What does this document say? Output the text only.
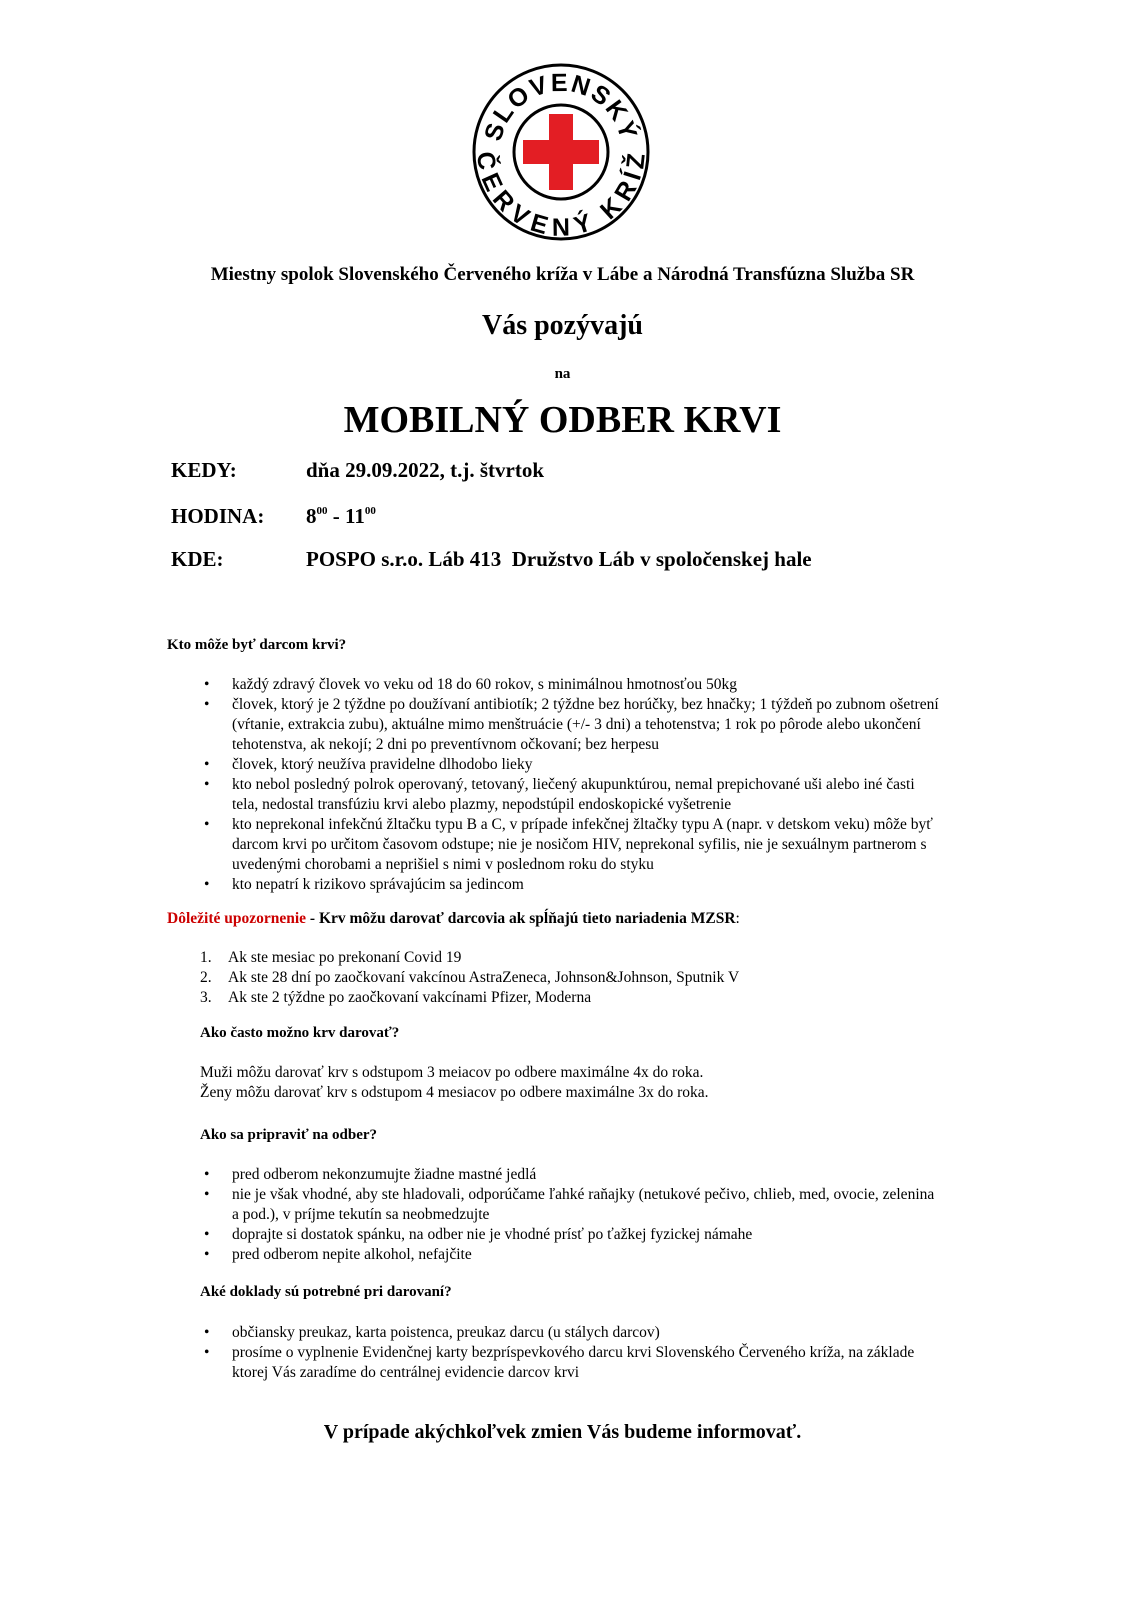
SLOVENSKÝ
ČERVENÝ KRÍŽ
Miestny spolok Slovenského Červeného kríža v Lábe a Národná Transfúzna Služba SR
Vás pozývajú
na
MOBILNÝ ODBER KRVI
KEDY:	dňa 29.09.2022, t.j. štvrtok
HODINA: $8^{00} - 11^{00}$
KDE:	POSPO s.r.o. Láb 413  Družstvo Láb v spoločenskej hale
Kto môže byť darcom krvi?
• každý zdravý človek vo veku od 18 do 60 rokov, s minimálnou hmotnosťou 50kg
• človek, ktorý je 2 týždne po doužívaní antibiotík; 2 týždne bez horúčky, bez hnačky; 1 týždeň po zubnom ošetrení (vŕtanie, extrakcia zubu), aktuálne mimo menštruácie (+/- 3 dni) a tehotenstva; 1 rok po pôrode alebo ukončení tehotenstva, ak nekojí; 2 dni po preventívnom očkovaní; bez herpesu
• človek, ktorý neužíva pravidelne dlhodobo lieky
• kto nebol posledný polrok operovaný, tetovaný, liečený akupunktúrou, nemal prepichované uši alebo iné časti tela, nedostal transfúziu krvi alebo plazmy, nepodstúpil endoskopické vyšetrenie
• kto neprekonal infekčnú žltačku typu B a C, v prípade infekčnej žltačky typu A (napr. v detskom veku) môže byť darcom krvi po určitom časovom odstupe; nie je nosičom HIV, neprekonal syfilis, nie je sexuálnym partnerom s uvedenými chorobami a neprišiel s nimi v poslednom roku do styku
• kto nepatrí k rizikovo správajúcim sa jedincom
Dôležité upozornenie - Krv môžu darovať darcovia ak spĺňajú tieto nariadenia MZSR:
1. Ak ste mesiac po prekonaní Covid 19
2. Ak ste 28 dní po zaočkovaní vakcínou AstraZeneca, Johnson&Johnson, Sputnik V
3. Ak ste 2 týždne po zaočkovaní vakcínami Pfizer, Moderna
Ako často možno krv darovať?
Muži môžu darovať krv s odstupom 3 meiacov po odbere maximálne 4x do roka.
Ženy môžu darovať krv s odstupom 4 mesiacov po odbere maximálne 3x do roka.
Ako sa pripraviť na odber?
• pred odberom nekonzumujte žiadne mastné jedlá
• nie je však vhodné, aby ste hladovali, odporúčame ľahké raňajky (netukové pečivo, chlieb, med, ovocie, zelenina a pod.), v príjme tekutín sa neobmedzujte
• doprajte si dostatok spánku, na odber nie je vhodné prísť po ťažkej fyzickej námahe
• pred odberom nepite alkohol, nefajčite
Aké doklady sú potrebné pri darovaní?
• občiansky preukaz, karta poistenca, preukaz darcu (u stálych darcov)
• prosíme o vyplnenie Evidenčnej karty bezpríspevkového darcu krvi Slovenského Červeného kríža, na základe ktorej Vás zaradíme do centrálnej evidencie darcov krvi
V prípade akýchkoľvek zmien Vás budeme informovať.
